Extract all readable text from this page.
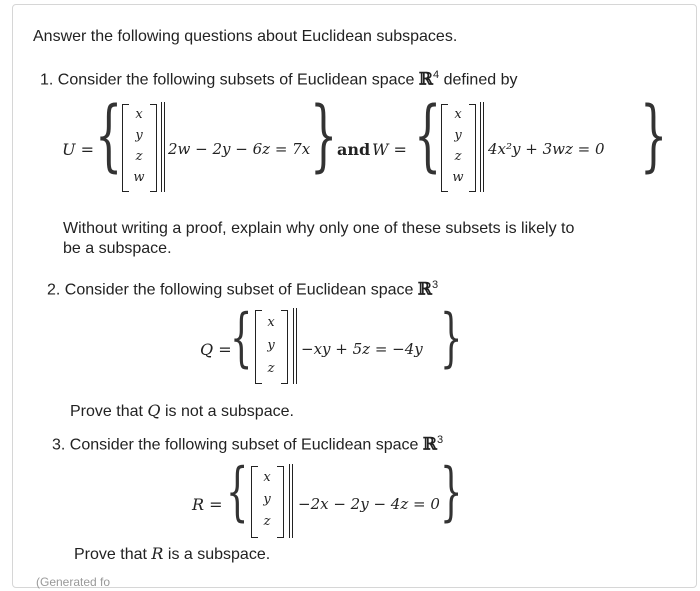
Answer the following questions about Euclidean subspaces.
1. Consider the following subsets of Euclidean space ℝ$^4$ defined by
U = {	x
y
z
w
2w − 2y − 6z = 7x } and W = {	x
y
z
w
4x²y + 3wz = 0 }
Without writing a proof, explain why only one of these subsets is likely to
be a subspace.
2. Consider the following subset of Euclidean space ℝ$^3$
Q =
{	x
y
z
−xy + 5z = −4y }
Prove that Q is not a subspace.
3. Consider the following subset of Euclidean space ℝ$^3$
R = {	x
y
z
−2x − 2y − 4z = 0 }
Prove that R is a subspace.
(Generated fo
